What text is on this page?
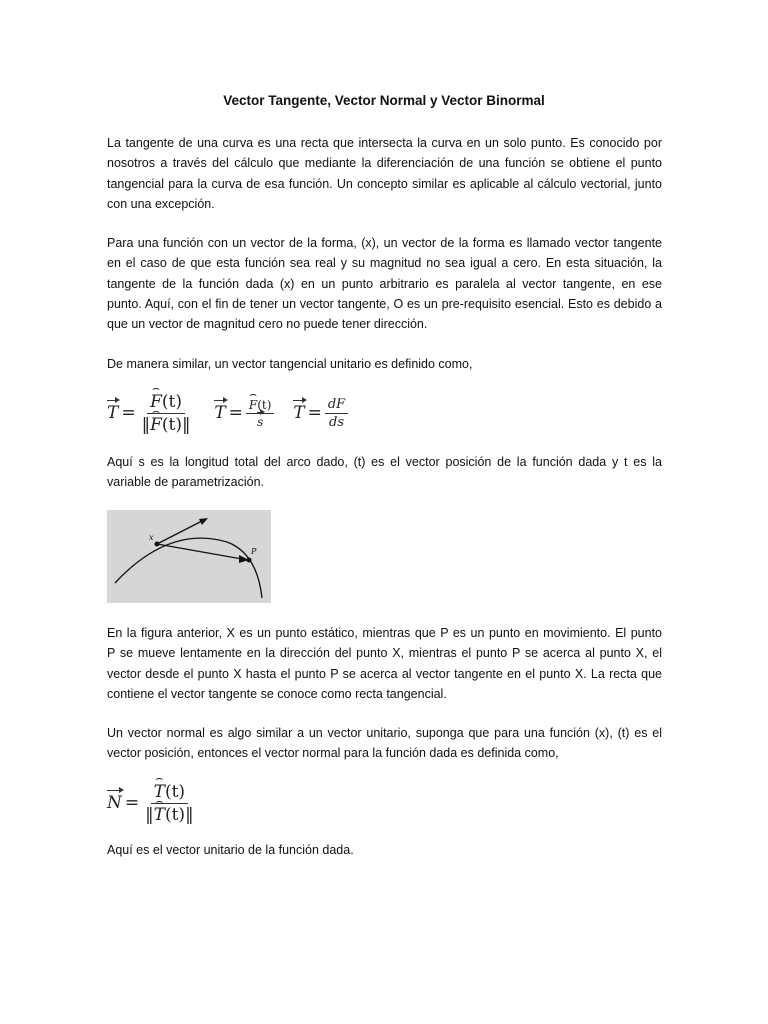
Vector Tangente, Vector Normal y Vector Binormal
La tangente de una curva es una recta que intersecta la curva en un solo punto. Es conocido por
nosotros a través del cálculo que mediante la diferenciación de una función se obtiene el punto
tangencial para la curva de esa función. Un concepto similar es aplicable al cálculo vectorial, junto
con una excepción.
Para una función con un vector de la forma, (x), un vector de la forma es llamado vector tangente
en el caso de que esta función sea real y su magnitud no sea igual a cero. En esta situación, la
tangente de la función dada (x) en un punto arbitrario es paralela al vector tangente, en ese
punto. Aquí, con el fin de tener un vector tangente, O es un pre-requisito esencial. Esto es debido a
que un vector de magnitud cero no puede tener dirección.
De manera similar, un vector tangencial unitario es definido como,
T = ⌢ $\frac{F(t)}{‖⌢ F(t)‖}$ T = ⌢ $\frac{F(t)}{s}$ $T = \frac{dF}{ds}$
Aquí s es la longitud total del arco dado, (t) es el vector posición de la función dada y t es la
variable de parametrización.
x
P
En la figura anterior, X es un punto estático, mientras que P es un punto en movimiento. El punto
P se mueve lentamente en la dirección del punto X, mientras el punto P se acerca al punto X, el
vector desde el punto X hasta el punto P se acerca al vector tangente en el punto X. La recta que
contiene el vector tangente se conoce como recta tangencial.
Un vector normal es algo similar a un vector unitario, suponga que para una función (x), (t) es el
vector posición, entonces el vector normal para la función dada es definida como,
N = ⌢ $\frac{T(t)}{‖⌢ T(t)‖}$
Aquí es el vector unitario de la función dada.
